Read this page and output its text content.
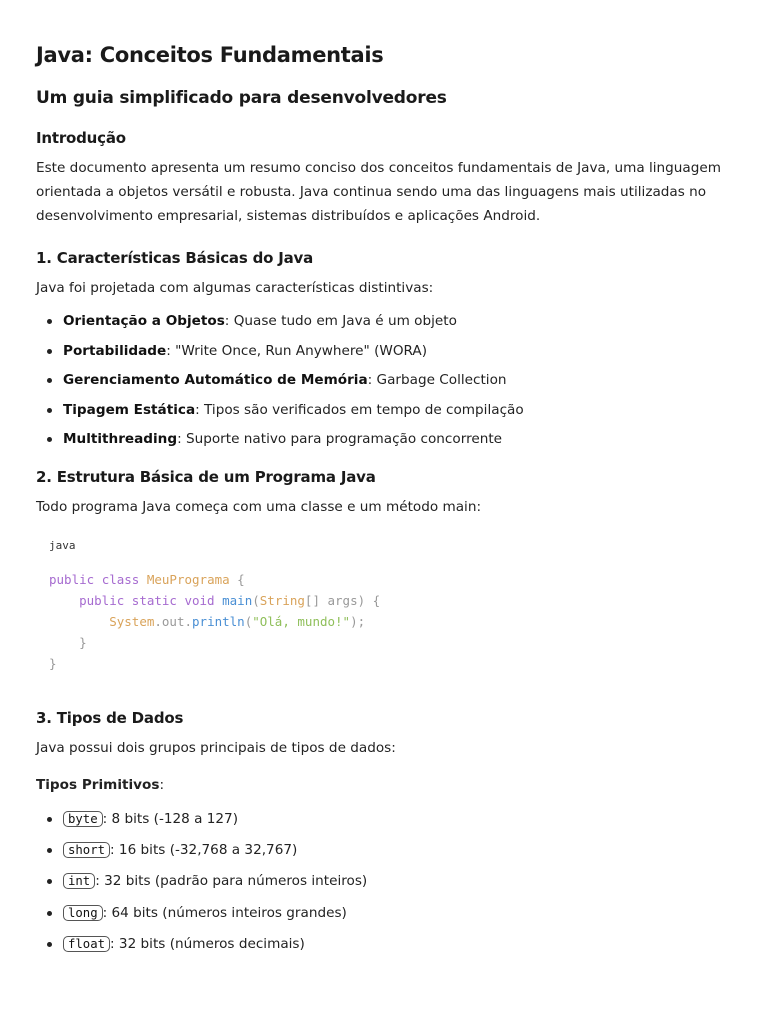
Java: Conceitos Fundamentais
Um guia simplificado para desenvolvedores
Introdução

Este documento apresenta um resumo conciso dos conceitos fundamentais de Java, uma linguagem orientada a objetos versátil e robusta. Java continua sendo uma das linguagens mais utilizadas no desenvolvimento empresarial, sistemas distribuídos e aplicações Android.

1. Características Básicas do Java

Java foi projetada com algumas características distintivas:

Orientação a Objetos: Quase tudo em Java é um objeto
Portabilidade: "Write Once, Run Anywhere" (WORA)
Gerenciamento Automático de Memória: Garbage Collection
Tipagem Estática: Tipos são verificados em tempo de compilação
Multithreading: Suporte nativo para programação concorrente
2. Estrutura Básica de um Programa Java

Todo programa Java começa com uma classe e um método main:

java
public class MeuPrograma {
public static void main(String[] args) {
System.out.println("Olá, mundo!");
}
}
3. Tipos de Dados

Java possui dois grupos principais de tipos de dados:

Tipos Primitivos:

byte : 8 bits (-128 a 127)
short : 16 bits (-32,768 a 32,767)
int : 32 bits (padrão para números inteiros)
long : 64 bits (números inteiros grandes)
float : 32 bits (números decimais)
